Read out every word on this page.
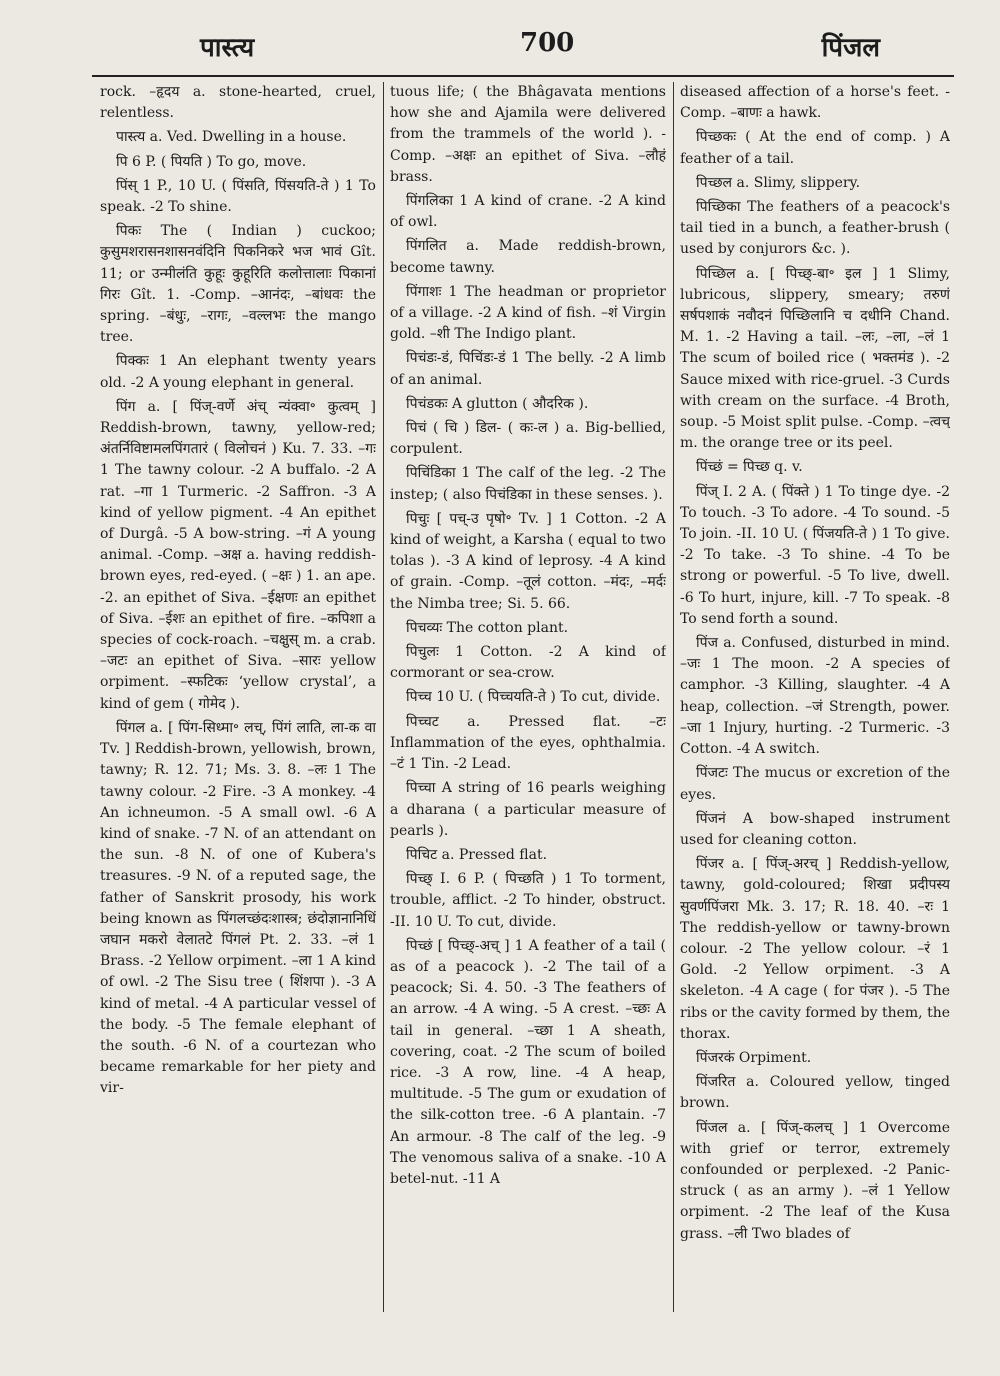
पास्त्य	700	पिंजल

rock. –हृदय a. stone-hearted, cruel, relentless.

पास्त्य a. Ved. Dwelling in a house.

पि 6 P. ( पियति ) To go, move.

पिंस् 1 P., 10 U. ( पिंसति, पिंसयति-ते ) 1 To speak. -2 To shine.

पिकः The ( Indian ) cuckoo; कुसुमशरासनशासनवंदिनि पिकनिकरे भज भावं Gît. 11; or उन्मीलंति कुहूः कुहूरिति कलोत्तालाः पिकानां गिरः Gît. 1. -Comp. –आनंदः, –बांधवः the spring. –बंधुः, –रागः, –वल्लभः the mango tree.

पिक्कः 1 An elephant twenty years old. -2 A young elephant in general.

पिंग a. [ पिंज्-वर्णे अंच् न्यंक्वा॰ कुत्वम् ] Reddish-brown, tawny, yellow-red; अंतर्निविष्टामलपिंगतारं ( विलोचनं ) Ku. 7. 33. –गः 1 The tawny colour. -2 A buffalo. -2 A rat. –गा 1 Turmeric. -2 Saffron. -3 A kind of yellow pigment. -4 An epithet of Durgâ. -5 A bow-string. –गं A young animal. -Comp. –अक्ष a. having reddish-brown eyes, red-eyed. ( –क्षः ) 1. an ape. -2. an epithet of Siva. –ईक्षणः an epithet of Siva. –ईशः an epithet of fire. –कपिशा a species of cock-roach. –चक्षुस् m. a crab. –जटः an epithet of Siva. –सारः yellow orpiment. –स्फटिकः ‘yellow crystal’, a kind of gem ( गोमेद ).

पिंगल a. [ पिंग-सिध्मा॰ लच्, पिंगं लाति, ला-क वा Tv. ] Reddish-brown, yellowish, brown, tawny; R. 12. 71; Ms. 3. 8. –लः 1 The tawny colour. -2 Fire. -3 A monkey. -4 An ichneumon. -5 A small owl. -6 A kind of snake. -7 N. of an attendant on the sun. -8 N. of one of Kubera's treasures. -9 N. of a reputed sage, the father of Sanskrit prosody, his work being known as पिंगलच्छंदःशास्त्र; छंदोज्ञानानिधिं जघान मकरो वेलातटे पिंगलं Pt. 2. 33. –लं 1 Brass. -2 Yellow orpiment. –ला 1 A kind of owl. -2 The Sisu tree ( शिंशपा ). -3 A kind of metal. -4 A particular vessel of the body. -5 The female elephant of the south. -6 N. of a courtezan who became remarkable for her piety and vir-

tuous life; ( the Bhâgavata mentions how she and Ajamila were delivered from the trammels of the world ). -Comp. –अक्षः an epithet of Siva. –लौहं brass.

पिंगलिका 1 A kind of crane. -2 A kind of owl.

पिंगलित a. Made reddish-brown, become tawny.

पिंगाशः 1 The headman or proprietor of a village. -2 A kind of fish. –शं Virgin gold. –शी The Indigo plant.

पिचंडः-डं, पिचिंडः-डं 1 The belly. -2 A limb of an animal.

पिचंडकः A glutton ( औदरिक ).

पिचं ( चि ) डिल- ( कः-ल ) a. Big-bellied, corpulent.

पिचिंडिका 1 The calf of the leg. -2 The instep; ( also पिचंडिका in these senses. ).

पिचुः [ पच्-उ पृषो॰ Tv. ] 1 Cotton. -2 A kind of weight, a Karsha ( equal to two tolas ). -3 A kind of leprosy. -4 A kind of grain. -Comp. –तूलं cotton. –मंदः, –मर्दः the Nimba tree; Si. 5. 66.

पिचव्यः The cotton plant.

पिचुलः 1 Cotton. -2 A kind of cormorant or sea-crow.

पिच्च 10 U. ( पिच्चयति-ते ) To cut, divide.

पिच्चट a. Pressed flat. –टः Inflammation of the eyes, ophthalmia. –टं 1 Tin. -2 Lead.

पिच्चा A string of 16 pearls weighing a dharana ( a particular measure of pearls ).

पिचिट a. Pressed flat.

पिच्छ् I. 6 P. ( पिच्छति ) 1 To torment, trouble, afflict. -2 To hinder, obstruct. -II. 10 U. To cut, divide.

पिच्छं [ पिच्छ्-अच् ] 1 A feather of a tail ( as of a peacock ). -2 The tail of a peacock; Si. 4. 50. -3 The feathers of an arrow. -4 A wing. -5 A crest. –च्छः A tail in general. –च्छा 1 A sheath, covering, coat. -2 The scum of boiled rice. -3 A row, line. -4 A heap, multitude. -5 The gum or exudation of the silk-cotton tree. -6 A plantain. -7 An armour. -8 The calf of the leg. -9 The venomous saliva of a snake. -10 A betel-nut. -11 A

diseased affection of a horse's feet. -Comp. –बाणः a hawk.

पिच्छकः ( At the end of comp. ) A feather of a tail.

पिच्छल a. Slimy, slippery.

पिच्छिका The feathers of a peacock's tail tied in a bunch, a feather-brush ( used by conjurors &c. ).

पिच्छिल a. [ पिच्छ्-बा॰ इल ] 1 Slimy, lubricous, slippery, smeary; तरुणं सर्षपशाकं नवौदनं पिच्छिलानि च दधीनि Chand. M. 1. -2 Having a tail. –लः, –ला, –लं 1 The scum of boiled rice ( भक्तमंड ). -2 Sauce mixed with rice-gruel. -3 Curds with cream on the surface. -4 Broth, soup. -5 Moist split pulse. -Comp. –त्वच् m. the orange tree or its peel.

पिंच्छं = पिच्छ q. v.

पिंज् I. 2 A. ( पिंक्ते ) 1 To tinge dye. -2 To touch. -3 To adore. -4 To sound. -5 To join. -II. 10 U. ( पिंजयति-ते ) 1 To give. -2 To take. -3 To shine. -4 To be strong or powerful. -5 To live, dwell. -6 To hurt, injure, kill. -7 To speak. -8 To send forth a sound.

पिंज a. Confused, disturbed in mind. –जः 1 The moon. -2 A species of camphor. -3 Killing, slaughter. -4 A heap, collection. –जं Strength, power. –जा 1 Injury, hurting. -2 Turmeric. -3 Cotton. -4 A switch.

पिंजटः The mucus or excretion of the eyes.

पिंजनं A bow-shaped instrument used for cleaning cotton.

पिंजर a. [ पिंज्-अरच् ] Reddish-yellow, tawny, gold-coloured; शिखा प्रदीपस्य सुवर्णपिंजरा Mk. 3. 17; R. 18. 40. –रः 1 The reddish-yellow or tawny-brown colour. -2 The yellow colour. –रं 1 Gold. -2 Yellow orpiment. -3 A skeleton. -4 A cage ( for पंजर ). -5 The ribs or the cavity formed by them, the thorax.

पिंजरकं Orpiment.

पिंजरित a. Coloured yellow, tinged brown.

पिंजल a. [ पिंज्-कलच् ] 1 Overcome with grief or terror, extremely confounded or perplexed. -2 Panic-struck ( as an army ). –लं 1 Yellow orpiment. -2 The leaf of the Kusa grass. –ली Two blades of
